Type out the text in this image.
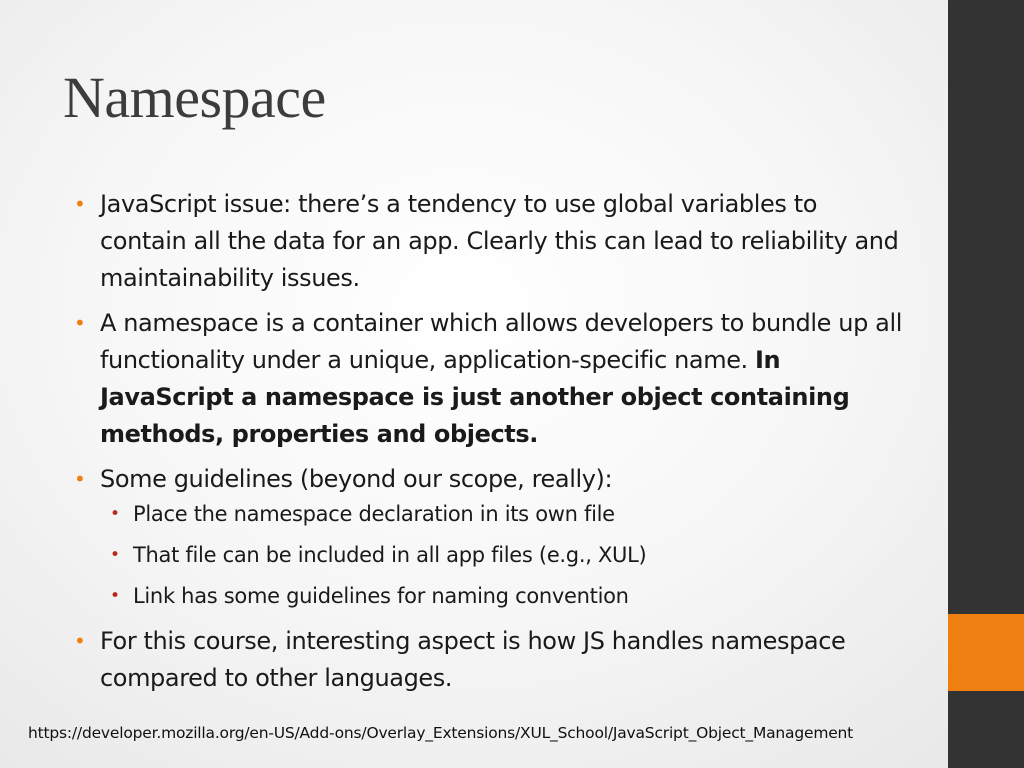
Namespace
• JavaScript issue: there’s a tendency to use global variables to contain all the data for an app. Clearly this can lead to reliability and maintainability issues.
• A namespace is a container which allows developers to bundle up all functionality under a unique, application-specific name. In JavaScript a namespace is just another object containing methods, properties and objects.
• Some guidelines (beyond our scope, really):
• Place the namespace declaration in its own file
• That file can be included in all app files (e.g., XUL)
• Link has some guidelines for naming convention
• For this course, interesting aspect is how JS handles namespace compared to other languages.
https://developer.mozilla.org/en-US/Add-ons/Overlay_Extensions/XUL_School/JavaScript_Object_Management
